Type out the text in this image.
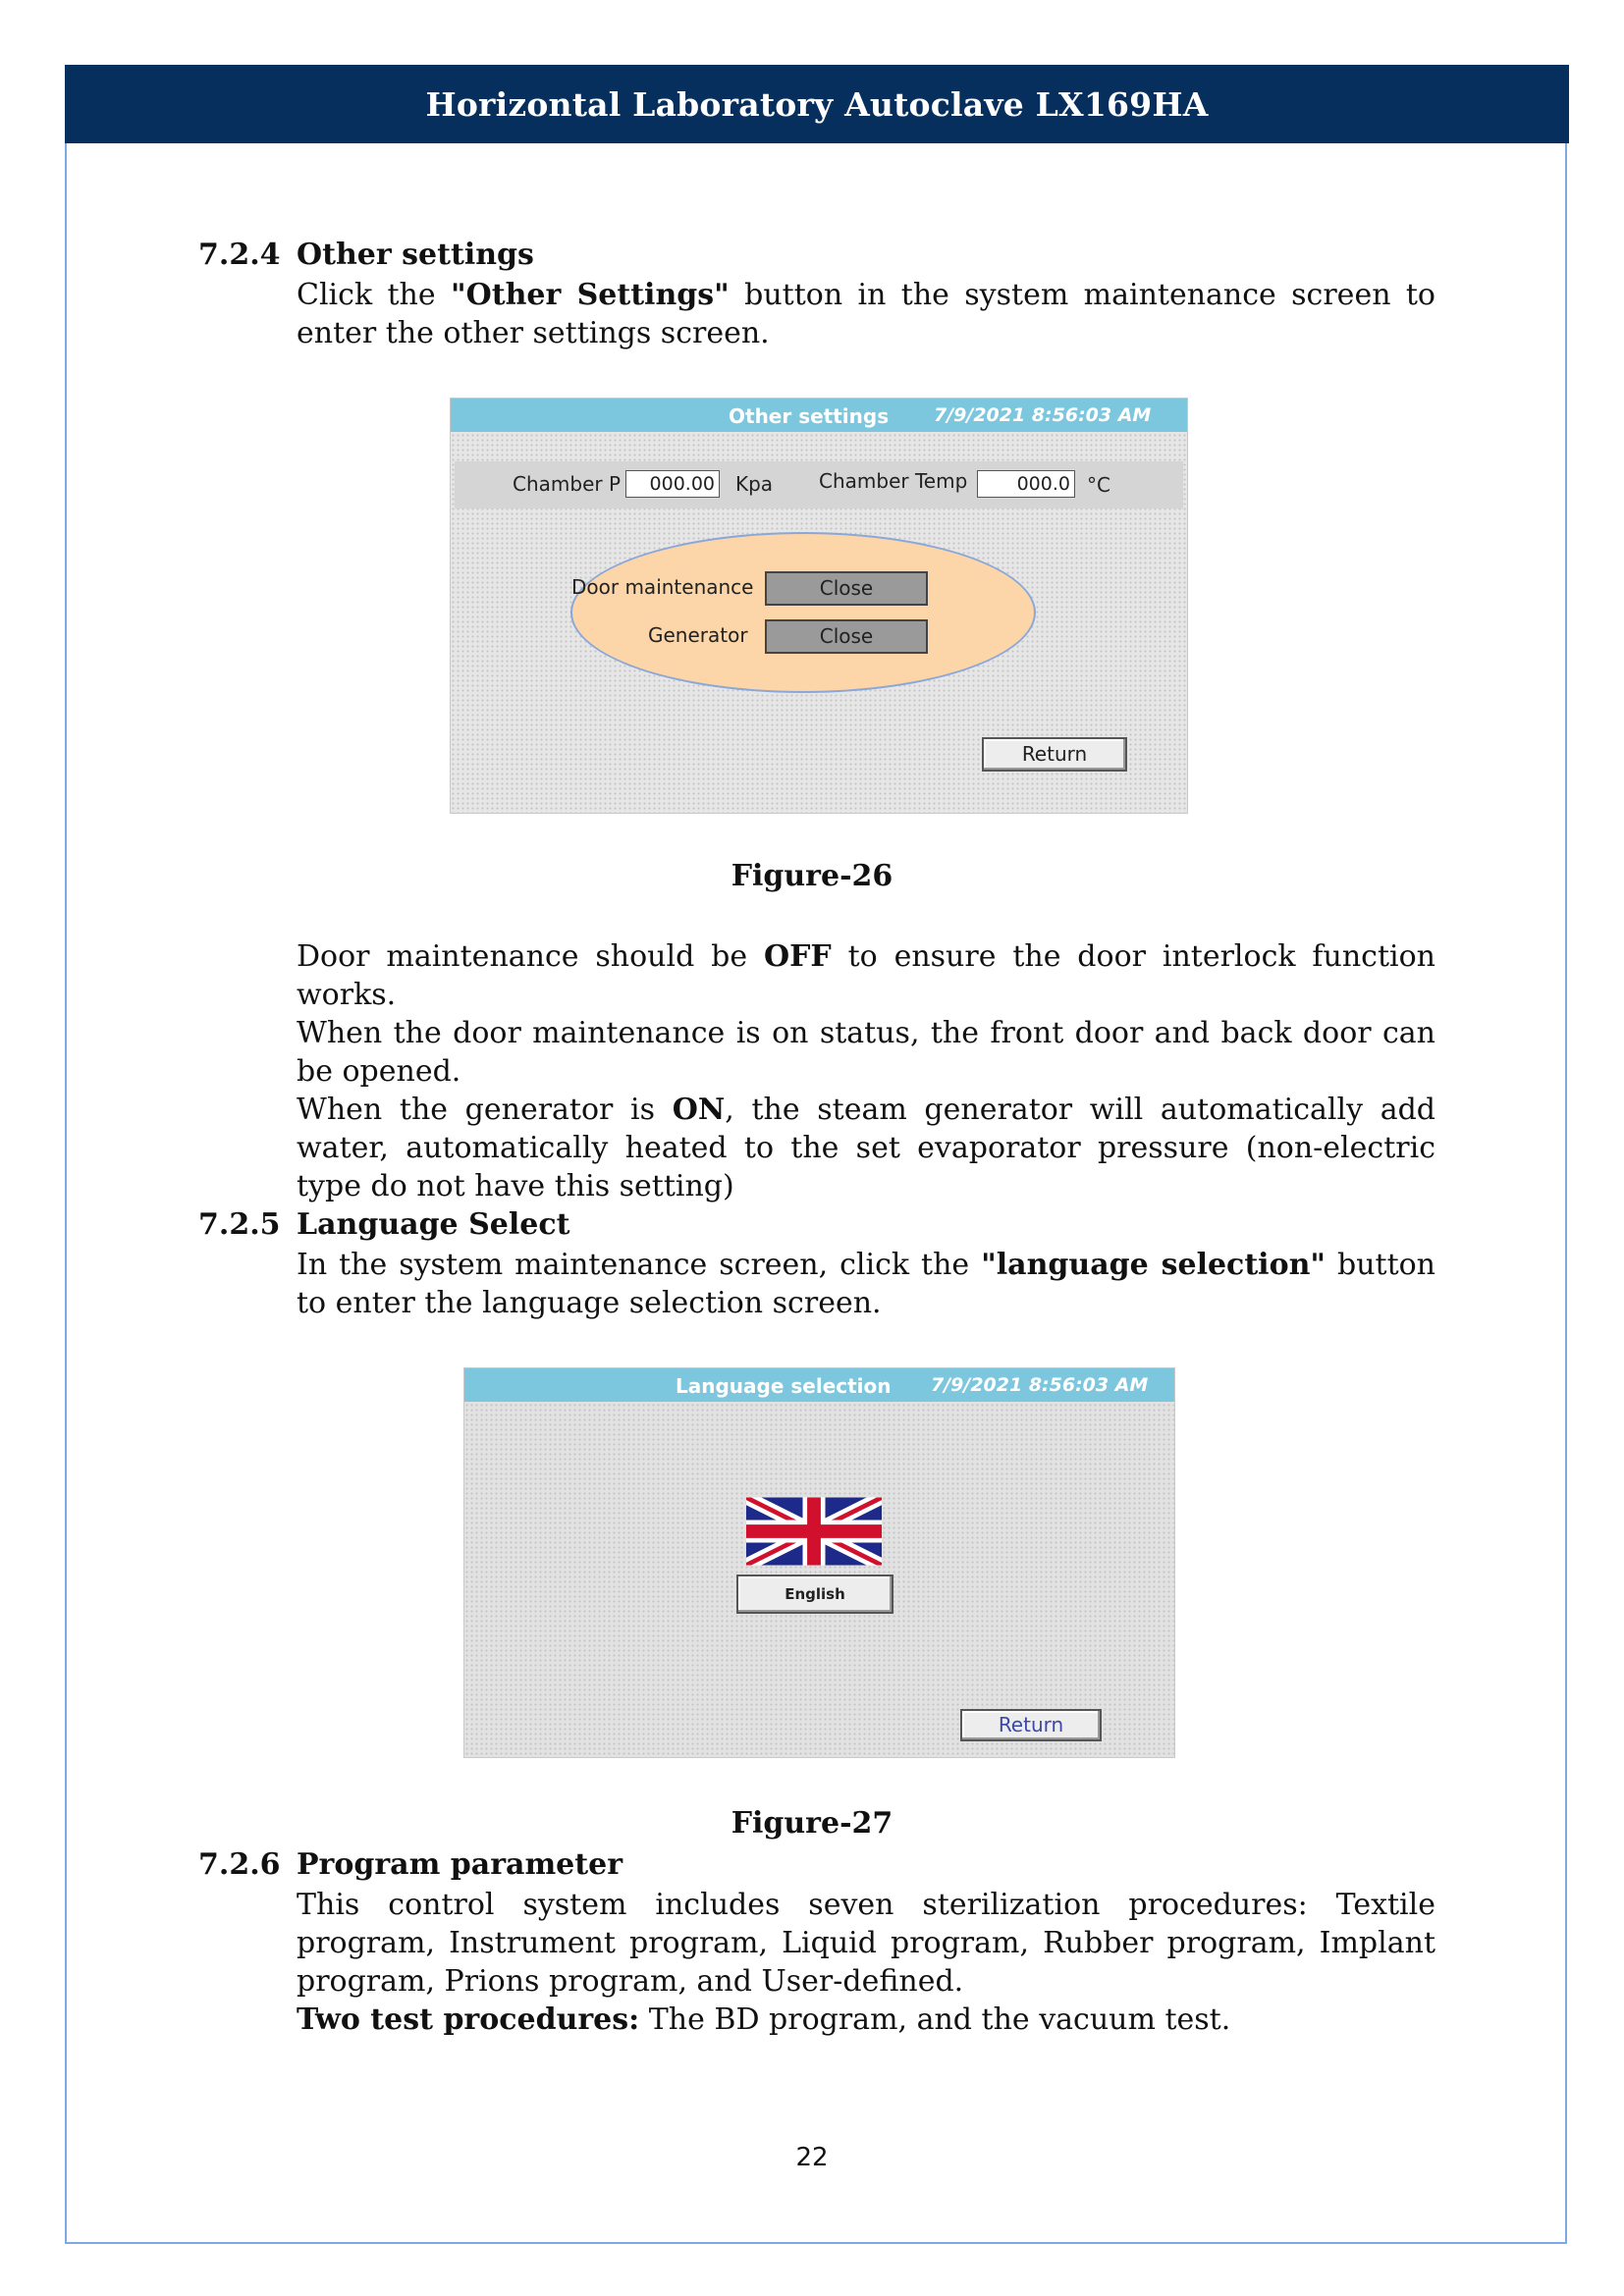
Horizontal Laboratory Autoclave LX169HA
7.2.4 Other settings
Click the "Other Settings" button in the system maintenance screen to enter the other settings screen.
Other settings 7/9/2021 8:56:03 AM
Chamber P	000.00 Kpa Chamber Temp	000.0 °C
Door maintenance	Close
Generator	Close
Return
Figure-26
Door maintenance should be OFF to ensure the door interlock function works.
When the door maintenance is on status, the front door and back door can be opened.
When the generator is ON, the steam generator will automatically add water, automatically heated to the set evaporator pressure (non-electric type do not have this setting)
7.2.5 Language Select
In the system maintenance screen, click the "language selection" button to enter the language selection screen.
Language selection 7/9/2021 8:56:03 AM
English
Return
Figure-27
7.2.6 Program parameter
This control system includes seven sterilization procedures: Textile program, Instrument program, Liquid program, Rubber program, Implant program, Prions program, and User-defined.
Two test procedures: The BD program, and the vacuum test.
22
